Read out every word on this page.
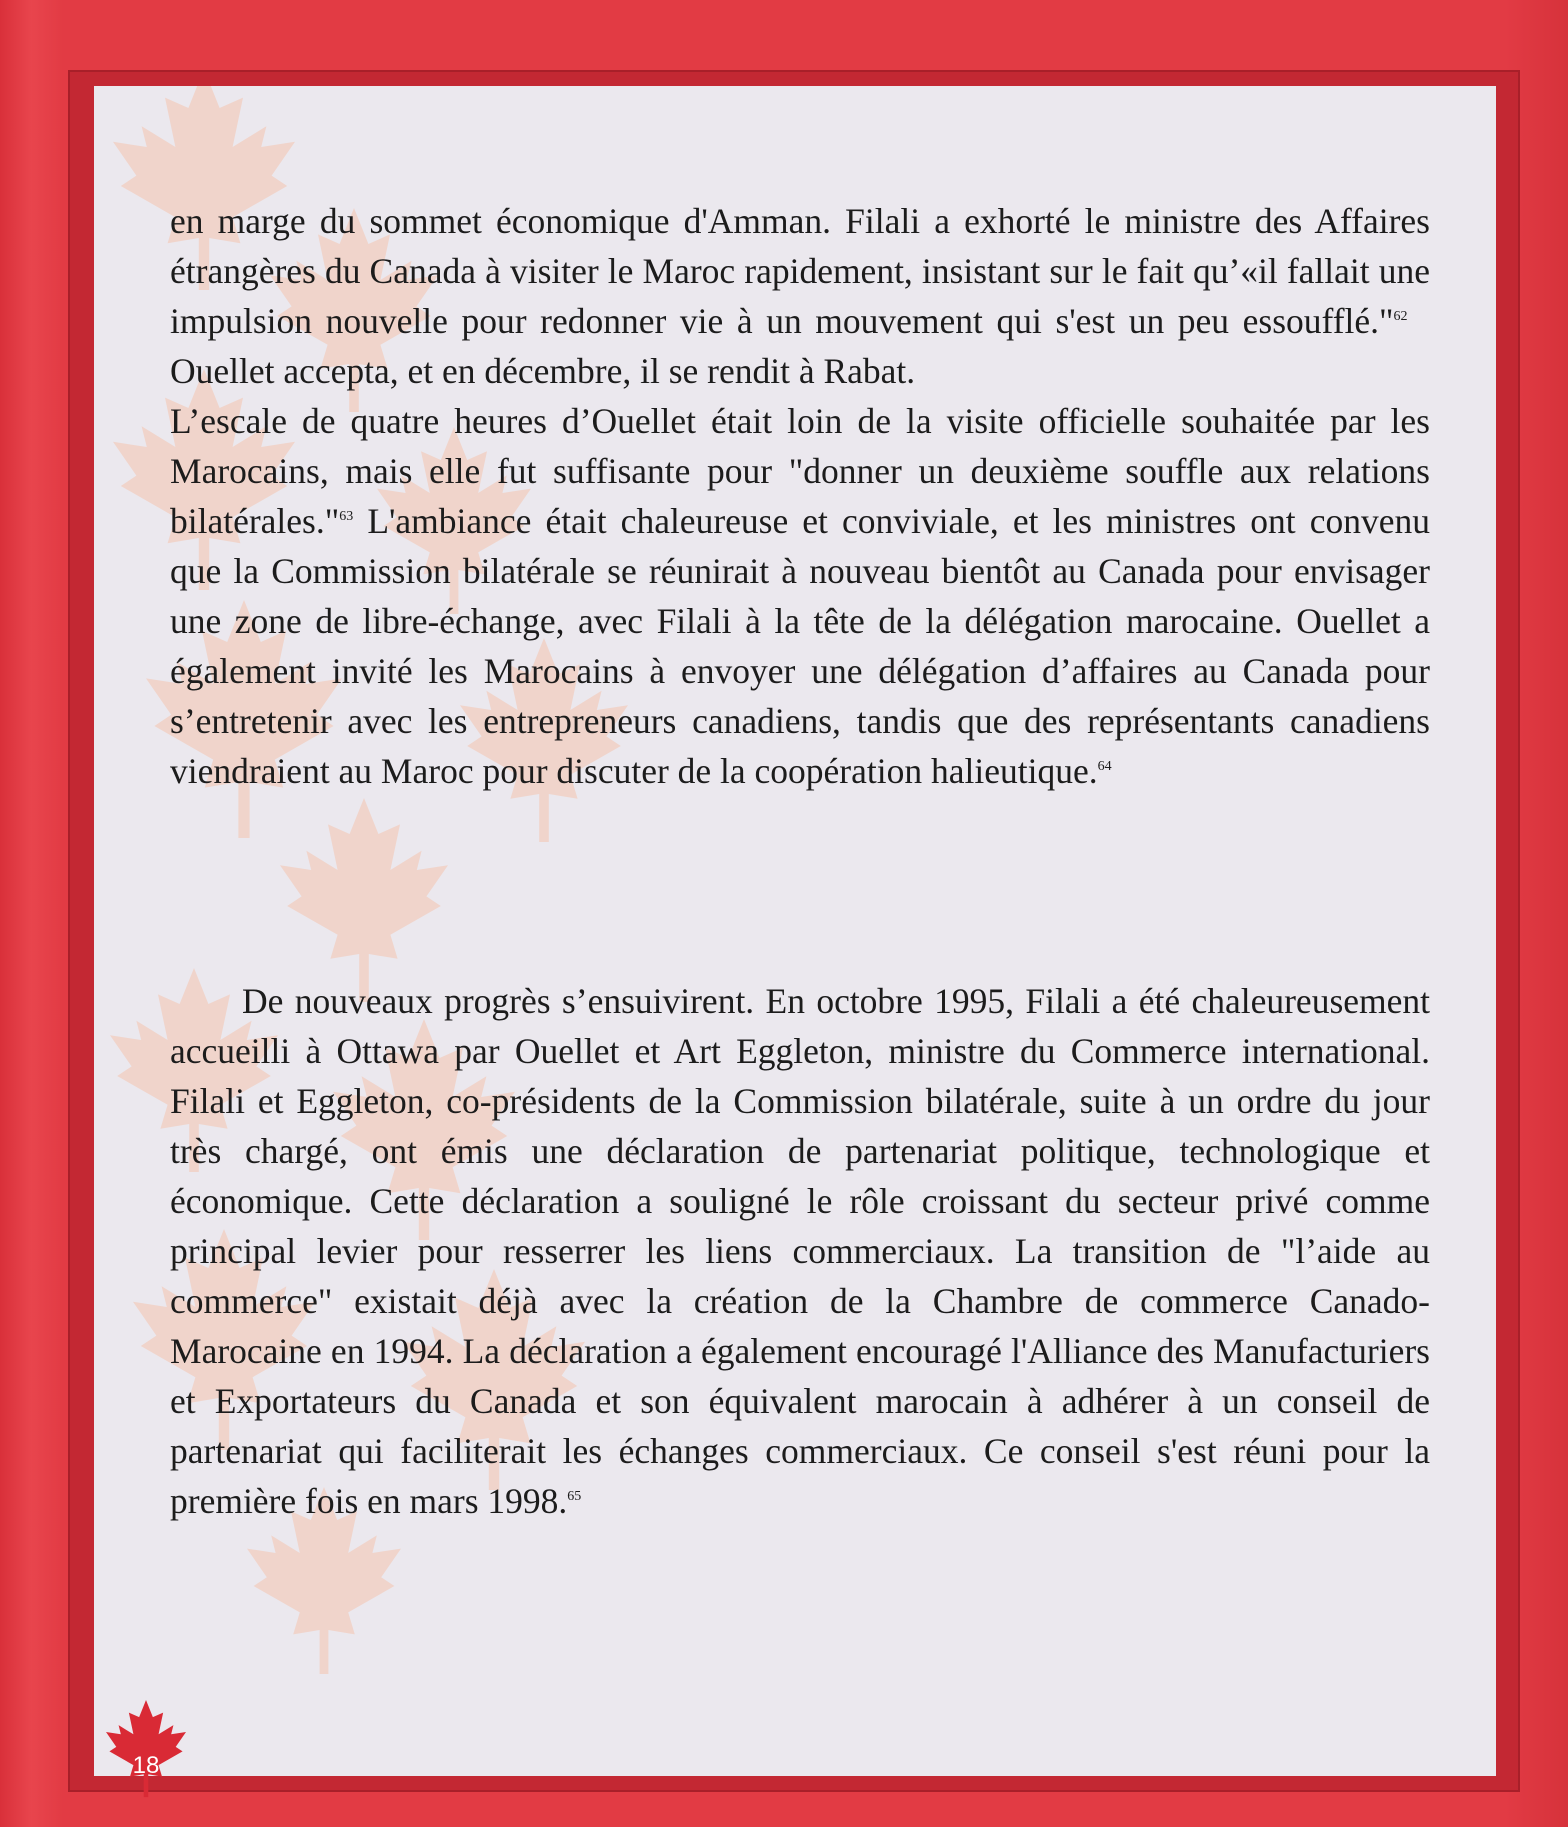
en marge du sommet économique d'Amman. Filali a exhorté le ministre des Affaires étrangères du Canada à visiter le Maroc rapidement, insistant sur le fait qu’«il fallait une impulsion nouvelle pour redonner vie à un mouvement qui s'est un peu essoufflé."$^{62}$   Ouellet accepta, et en décembre, il se rendit à Rabat.

L’escale de quatre heures d’Ouellet était loin de la visite officielle souhaitée par les Marocains, mais elle fut suffisante pour "donner un deuxième souffle aux relations bilatérales."$^{63}$ L'ambiance était chaleureuse et conviviale, et les ministres ont convenu que la Commission bilatérale se réunirait à nouveau bientôt au Canada pour envisager une zone de libre-échange, avec Filali à la tête de la délégation marocaine. Ouellet a également invité les Marocains à envoyer une délégation d’affaires au Canada pour s’entretenir avec les entrepreneurs canadiens, tandis que des représentants canadiens viendraient au Maroc pour discuter de la coopération halieutique.$^{64}$

De nouveaux progrès s’ensuivirent. En octobre 1995, Filali a été chaleureusement accueilli à Ottawa par Ouellet et Art Eggleton, ministre du Commerce international. Filali et Eggleton, co-présidents de la Commission bilatérale, suite à un ordre du jour très chargé, ont émis une déclaration de partenariat politique, technologique et économique. Cette déclaration a souligné le rôle croissant du secteur privé comme principal levier pour resserrer les liens commerciaux. La transition de "l’aide au commerce" existait déjà avec la création de la Chambre de commerce Canado-Marocaine en 1994. La déclaration a également encouragé l'Alliance des Manufacturiers et Exportateurs du Canada et son équivalent marocain à adhérer à un conseil de partenariat qui faciliterait les échanges commerciaux. Ce conseil s'est réuni pour la première fois en mars 1998.65

18
